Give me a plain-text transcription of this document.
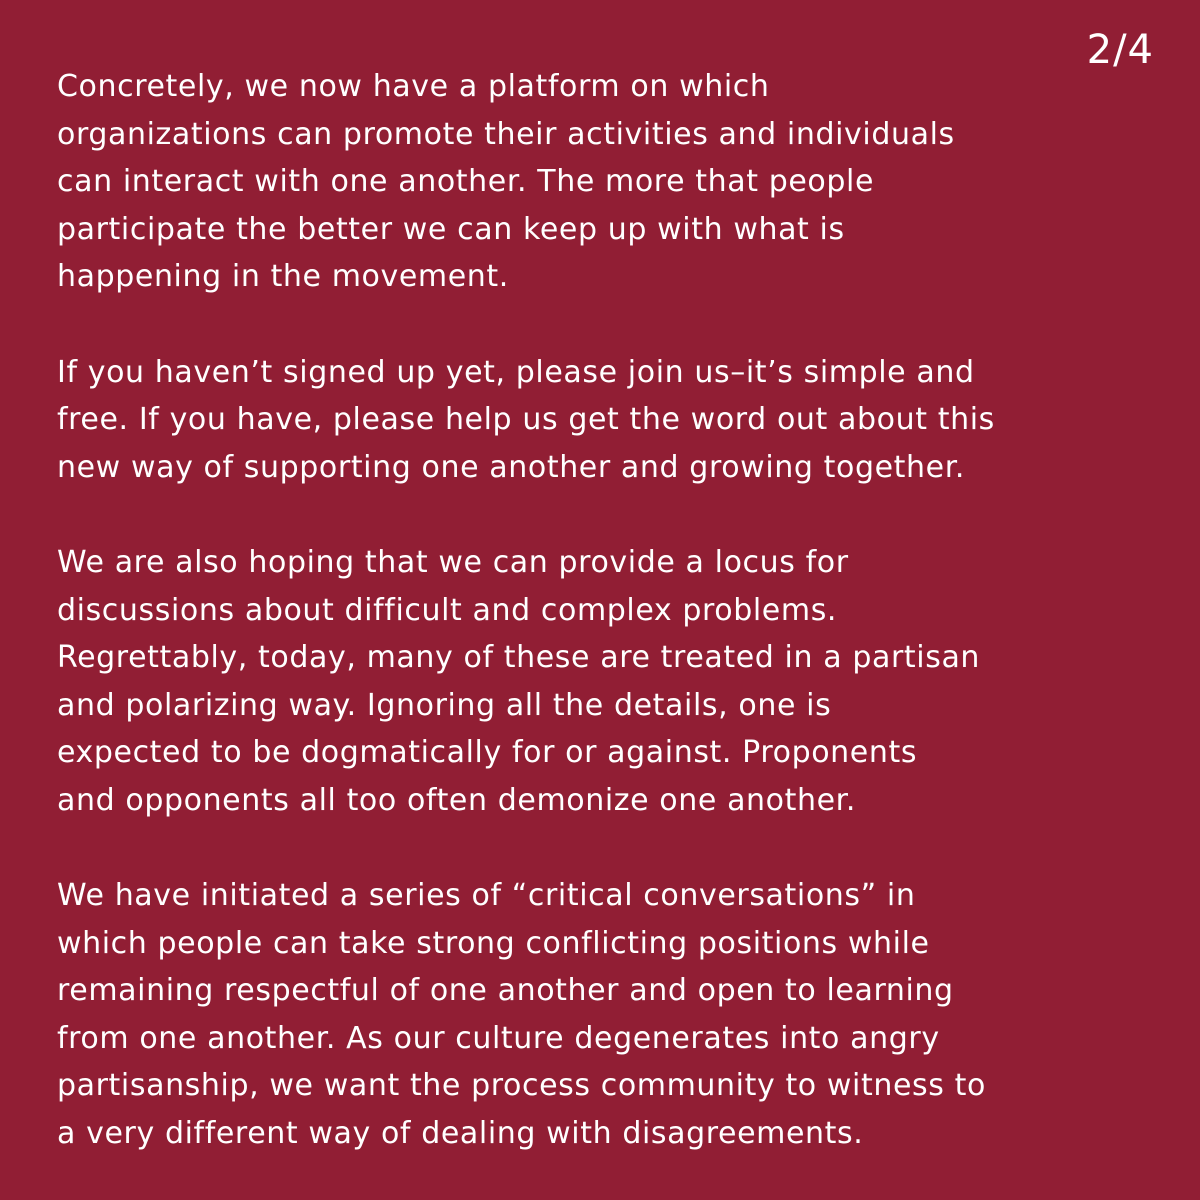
2/4

Concretely, we now have a platform on which
organizations can promote their activities and individuals
can interact with one another. The more that people
participate the better we can keep up with what is
happening in the movement.

If you haven’t signed up yet, please join us–it’s simple and
free. If you have, please help us get the word out about this
new way of supporting one another and growing together.

We are also hoping that we can provide a locus for
discussions about difficult and complex problems.
Regrettably, today, many of these are treated in a partisan
and polarizing way. Ignoring all the details, one is
expected to be dogmatically for or against. Proponents
and opponents all too often demonize one another.

We have initiated a series of “critical conversations” in
which people can take strong conflicting positions while
remaining respectful of one another and open to learning
from one another. As our culture degenerates into angry
partisanship, we want the process community to witness to
a very different way of dealing with disagreements.
